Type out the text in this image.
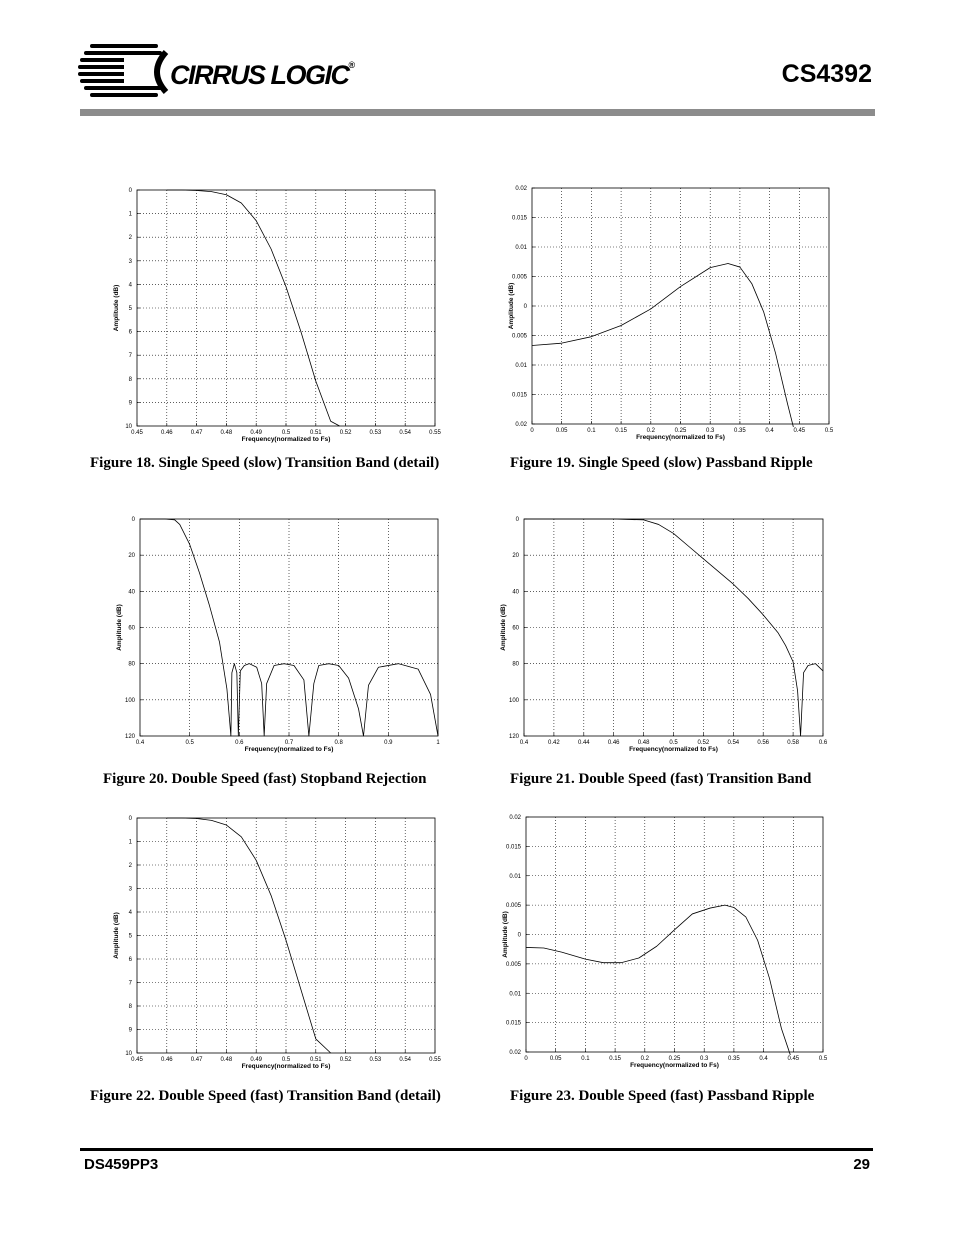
CIRRUS LOGIC®	CS4392
0.45	0.46	0.47	0.48	0.49	0.5	0.51	0.52	0.53	0.54	0.55
0
1
2
3
4
5
6
7
8
9
10
Frequency(normalized to Fs)
Amplitude (dB)
0	0.05	0.1	0.15	0.2	0.25	0.3	0.35	0.4	0.45	0.5
0.02
0.015
0.01
0.005
0
0.005
0.01
0.015
0.02
Frequency(normalized to Fs)
Amplitude (dB)
0.4	0.5	0.6	0.7	0.8	0.9	1
0
20
40
60
80
100
120
Frequency(normalized to Fs)
Amplitude (dB)
0.4	0.42	0.44	0.46	0.48	0.5	0.52	0.54	0.56	0.58	0.6
0
20
40
60
80
100
120
Frequency(normalized to Fs)
Amplitude (dB)
0.45	0.46	0.47	0.48	0.49	0.5	0.51	0.52	0.53	0.54	0.55
0
1
2
3
4
5
6
7
8
9
10
Frequency(normalized to Fs)
Amplitude (dB)
0	0.05	0.1	0.15	0.2	0.25	0.3	0.35	0.4	0.45	0.5
0.02
0.015
0.01
0.005
0
0.005
0.01
0.015
0.02
Frequency(normalized to Fs)
Amplitude (dB)
Figure 18. Single Speed (slow) Transition Band (detail)	Figure 19. Single Speed (slow) Passband Ripple
Figure 20. Double Speed (fast) Stopband Rejection	Figure 21. Double Speed (fast) Transition Band
Figure 22. Double Speed (fast) Transition Band (detail)	Figure 23. Double Speed (fast) Passband Ripple
DS459PP3	29
